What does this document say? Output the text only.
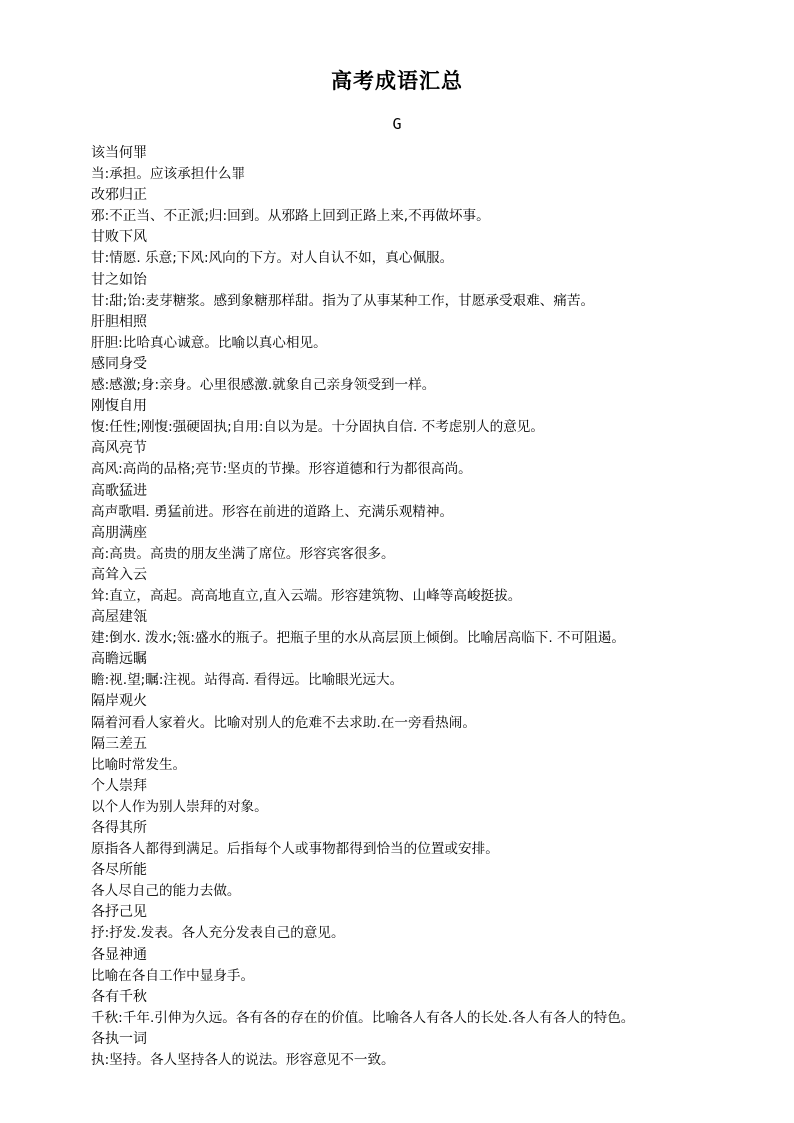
高考成语汇总
G
该当何罪
当:承担。应该承担什么罪
改邪归正
邪:不正当、不正派;归:回到。从邪路上回到正路上来,不再做坏事。
甘败下风
甘:情愿. 乐意;下风:风向的下方。对人自认不如，真心佩服。
甘之如饴
甘:甜;饴:麦芽糖浆。感到象糖那样甜。指为了从事某种工作，甘愿承受艰难、痛苦。
肝胆相照
肝胆:比哈真心诚意。比喻以真心相见。
感同身受
感:感激;身:亲身。心里很感激.就象自己亲身领受到一样。
刚愎自用
愎:任性;刚愎:强硬固执;自用:自以为是。十分固执自信. 不考虑别人的意见。
高风亮节
高风:高尚的品格;亮节:坚贞的节操。形容道德和行为都很高尚。
高歌猛进
高声歌唱. 勇猛前进。形容在前进的道路上、充满乐观精神。
高朋满座
高:高贵。高贵的朋友坐满了席位。形容宾客很多。
高耸入云
耸:直立，高起。高高地直立,直入云端。形容建筑物、山峰等高峻挺拔。
高屋建瓴
建:倒水. 泼水;瓴:盛水的瓶子。把瓶子里的水从高层顶上倾倒。比喻居高临下. 不可阻遏。
高瞻远瞩
瞻:视.望;瞩:注视。站得高. 看得远。比喻眼光远大。
隔岸观火
隔着河看人家着火。比喻对别人的危难不去求助.在一旁看热闹。
隔三差五
比喻时常发生。
个人崇拜
以个人作为别人崇拜的对象。
各得其所
原指各人都得到满足。后指每个人或事物都得到恰当的位置或安排。
各尽所能
各人尽自己的能力去做。
各抒己见
抒:抒发.发表。各人充分发表自己的意见。
各显神通
比喻在各自工作中显身手。
各有千秋
千秋:千年.引伸为久远。各有各的存在的价值。比喻各人有各人的长处.各人有各人的特色。
各执一词
执:坚持。各人坚持各人的说法。形容意见不一致。
